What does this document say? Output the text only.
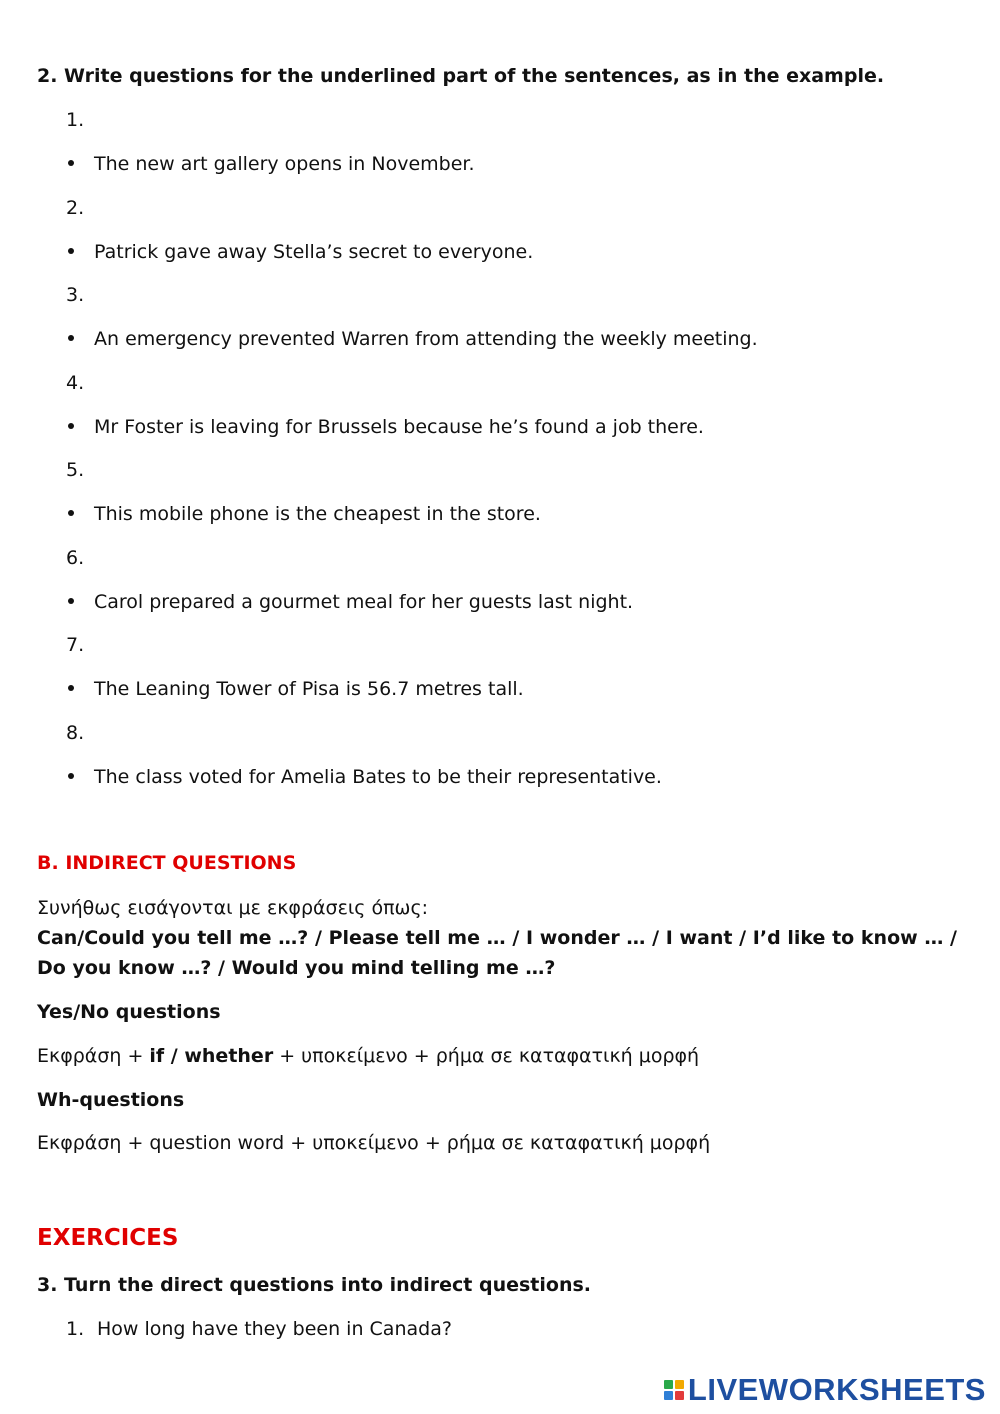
2. Write questions for the underlined part of the sentences, as in the example.
1.
The new art gallery opens in November.
2.
Patrick gave away Stella’s secret to everyone.
3.
An emergency prevented Warren from attending the weekly meeting.
4.
Mr Foster is leaving for Brussels because he’s found a job there.
5.
This mobile phone is the cheapest in the store.
6.
Carol prepared a gourmet meal for her guests last night.
7.
The Leaning Tower of Pisa is 56.7 metres tall.
8.
The class voted for Amelia Bates to be their representative.
B. INDIRECT QUESTIONS
Συνήθως εισάγονται με εκφράσεις όπως:
Can/Could you tell me …? / Please tell me … / I wonder … / I want / I’d like to know … / Do you know …? / Would you mind telling me …?
Yes/No questions
Εκφράση + if / whether + υποκείμενο + ρήμα σε καταφατική μορφή
Wh-questions
Εκφράση + question word + υποκείμενο + ρήμα σε καταφατική μορφή
EXERCICES
3. Turn the direct questions into indirect questions.
1. How long have they been in Canada?
LIVEWORKSHEETS
